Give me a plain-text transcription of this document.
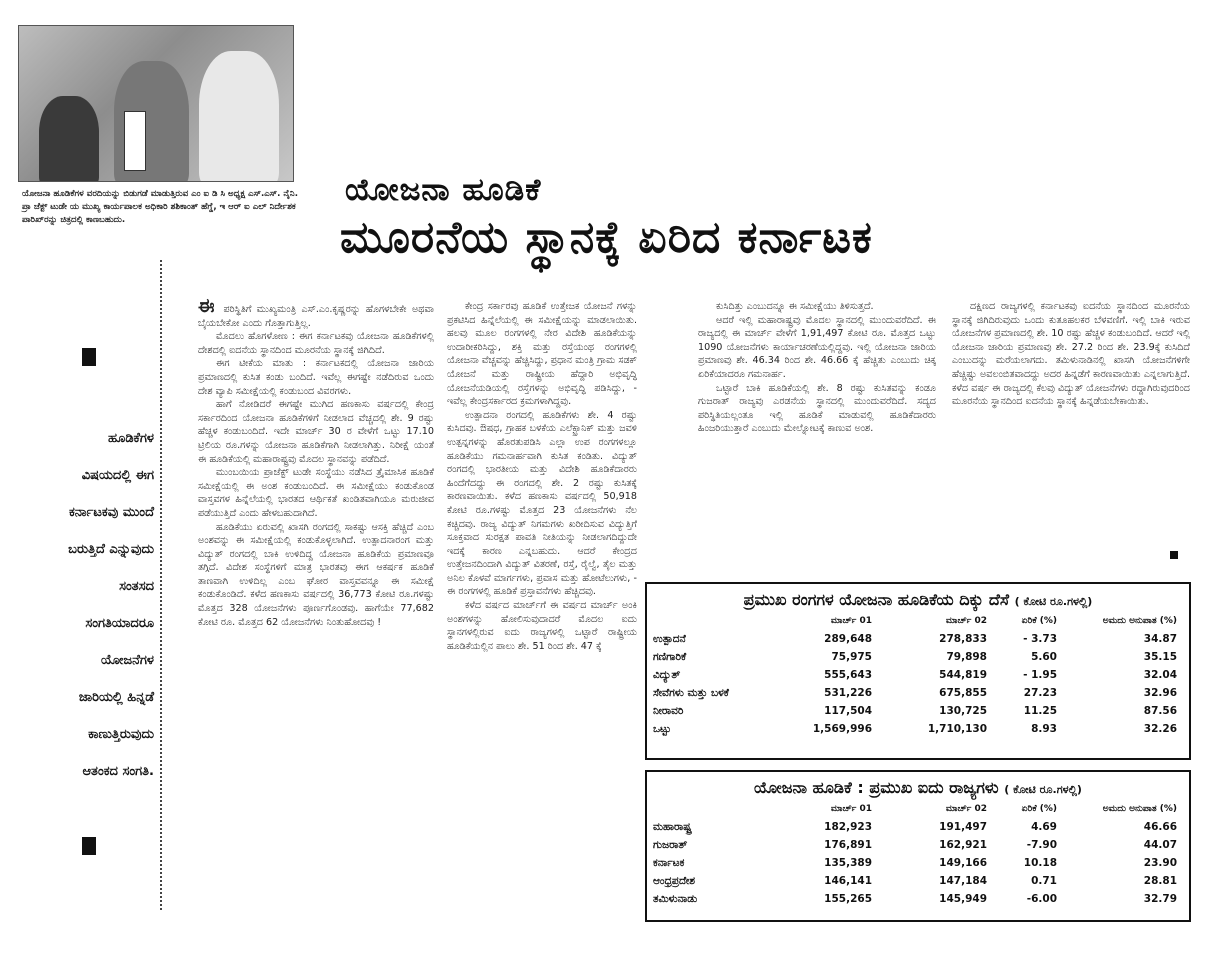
ಯೋಜನಾ ಹೂಡಿಕೆಗಳ ವರದಿಯನ್ನು ಬಿಡುಗಡೆ ಮಾಡುತ್ತಿರುವ ಎಂ ಐ ಡಿ ಸಿ ಅಧ್ಯಕ್ಷ ಎಸ್.ಎಸ್. ನೈನಿ. ಪ್ರಾ ಜೆಕ್ಟ್ ಟುಡೇ ಯ ಮುಖ್ಯ ಕಾರ್ಯಪಾಲಕ ಅಧಿಕಾರಿ ಶಶಿಕಾಂತ್ ಹೆಗ್ಡೆ, ಇ ಆರ್ ಐ ಎಲ್ ನಿರ್ದೇಶಕ ಪಾರಿಖ್‌ರನ್ನು ಚಿತ್ರದಲ್ಲಿ ಕಾಣಬಹುದು.
ಯೋಜನಾ ಹೂಡಿಕೆ
ಮೂರನೆಯ ಸ್ಥಾನಕ್ಕೆ ಏರಿದ ಕರ್ನಾಟಕ
ಹೂಡಿಕೆಗಳ
ವಿಷಯದಲ್ಲಿ ಈಗ
ಕರ್ನಾಟಕವು ಮುಂದೆ
ಬರುತ್ತಿದೆ ಎನ್ನುವುದು
ಸಂತಸದ
ಸಂಗತಿಯಾದರೂ
ಯೋಜನೆಗಳ
ಜಾರಿಯಲ್ಲಿ ಹಿನ್ನಡೆ
ಕಾಣುತ್ತಿರುವುದು
ಆತಂಕದ ಸಂಗತಿ.

ಈ ಪರಿಸ್ಥಿತಿಗೆ ಮುಖ್ಯಮಂತ್ರಿ ಎಸ್.ಎಂ.ಕೃಷ್ಣರನ್ನು ಹೊಗಳಬೇಕೇ ಅಥವಾ ಬೈಯಬೇಕೋ ಎಂದು ಗೊತ್ತಾಗುತ್ತಿಲ್ಲ.

ಮೊದಲು ಹೊಗಳೋಣ : ಈಗ ಕರ್ನಾಟಕವು ಯೋಜನಾ ಹೂಡಿಕೆಗಳಲ್ಲಿ ದೇಶದಲ್ಲಿ ಐದನೆಯ ಸ್ಥಾನದಿಂದ ಮೂರನೆಯ ಸ್ಥಾನಕ್ಕೆ ಜಿಗಿದಿದೆ.

ಈಗ ಟೀಕೆಯ ಮಾತು : ಕರ್ನಾಟಕದಲ್ಲಿ ಯೋಜನಾ ಜಾರಿಯ ಪ್ರಮಾಣದಲ್ಲಿ ಕುಸಿತ ಕಂಡು ಬಂದಿದೆ. ಇವೆಲ್ಲ ಈಗಷ್ಟೇ ನಡೆದಿರುವ ಒಂದು ದೇಶ ವ್ಯಾಪಿ ಸಮೀಕ್ಷೆಯಲ್ಲಿ ಕಂಡುಬಂದ ವಿವರಗಳು.

ಹಾಗೆ ನೋಡಿದರೆ ಈಗಷ್ಟೇ ಮುಗಿದ ಹಣಕಾಸು ವರ್ಷದಲ್ಲಿ ಕೇಂದ್ರ ಸರ್ಕಾರದಿಂದ ಯೋಜನಾ ಹೂಡಿಕೆಗಳಿಗೆ ನೀಡಲಾದ ವೆಚ್ಚದಲ್ಲಿ ಶೇ. 9 ರಷ್ಟು ಹೆಚ್ಚಳ ಕಂಡುಬಂದಿದೆ. ಇದೇ ಮಾರ್ಚ್ 30 ರ ವೇಳೆಗೆ ಒಟ್ಟು 17.10 ಟ್ರಿಲಿಯ ರೂ.ಗಳನ್ನು ಯೋಜನಾ ಹೂಡಿಕೆಗಾಗಿ ನೀಡಲಾಗಿತ್ತು. ನಿರೀಕ್ಷೆ ಯಂತೆ ಈ ಹೂಡಿಕೆಯಲ್ಲಿ ಮಹಾರಾಷ್ಟ್ರವು ಮೊದಲ ಸ್ಥಾನವನ್ನು ಪಡೆದಿದೆ.

ಮುಂಬಯಿಯ ಪ್ರಾಜೆಕ್ಟ್ ಟುಡೇ ಸಂಸ್ಥೆಯು ನಡೆಸಿದ ತ್ರೈಮಾಸಿಕ ಹೂಡಿಕೆ ಸಮೀಕ್ಷೆಯಲ್ಲಿ ಈ ಅಂಶ ಕಂಡುಬಂದಿದೆ. ಈ ಸಮೀಕ್ಷೆಯು ಕಂಡುಕೊಂಡ ವಾಸ್ತವಗಳ ಹಿನ್ನೆಲೆಯಲ್ಲಿ ಭಾರತದ ಆರ್ಥಿಕತೆ ಖಂಡಿತವಾಗಿಯೂ ಮರುಜೀವ ಪಡೆಯುತ್ತಿದೆ ಎಂದು ಹೇಳಬಹುದಾಗಿದೆ.

ಹೂಡಿಕೆಯು ಏರುವಲ್ಲಿ ಖಾಸಗಿ ರಂಗದಲ್ಲಿ ಸಾಕಷ್ಟು ಆಸಕ್ತಿ ಹೆಚ್ಚಿದೆ ಎಂಬ ಅಂಶವನ್ನು ಈ ಸಮೀಕ್ಷೆಯಲ್ಲಿ ಕಂಡುಕೊಳ್ಳಲಾಗಿದೆ. ಉತ್ಪಾದನಾರಂಗ ಮತ್ತು ವಿದ್ಯುತ್ ರಂಗದಲ್ಲಿ ಬಾಕಿ ಉಳಿದಿದ್ದ ಯೋಜನಾ ಹೂಡಿಕೆಯ ಪ್ರಮಾಣವೂ ತಗ್ಗಿದೆ. ವಿದೇಶ ಸಂಸ್ಥೆಗಳಿಗೆ ಮಾತ್ರ ಭಾರತವು ಈಗ ಆಕರ್ಷಕ ಹೂಡಿಕೆ ತಾಣವಾಗಿ ಉಳಿದಿಲ್ಲ ಎಂಬ ಘೋರ ವಾಸ್ತವವನ್ನೂ ಈ ಸಮೀಕ್ಷೆ ಕಂಡುಕೊಂಡಿದೆ. ಕಳೆದ ಹಣಕಾಸು ವರ್ಷದಲ್ಲಿ 36,773 ಕೋಟಿ ರೂ.ಗಳಷ್ಟು ಮೊತ್ತದ 328 ಯೋಜನೆಗಳು ಪೂರ್ಣಗೊಂಡವು. ಹಾಗೆಯೇ 77,682 ಕೋಟಿ ರೂ. ಮೊತ್ತದ 62 ಯೋಜನೆಗಳು ನಿಂತುಹೋದವು !

ಕೇಂದ್ರ ಸರ್ಕಾರವು ಹೂಡಿಕೆ ಉತ್ತೇಜಕ ಯೋಜನೆ ಗಳನ್ನು ಪ್ರಕಟಿಸಿದ ಹಿನ್ನೆಲೆಯಲ್ಲಿ ಈ ಸಮೀಕ್ಷೆಯನ್ನು ಮಾಡಲಾಯಿತು. ಹಲವು ಮೂಲ ರಂಗಗಳಲ್ಲಿ ನೇರ ವಿದೇಶಿ ಹೂಡಿಕೆಯನ್ನು ಉದಾರೀಕರಿಸಿದ್ದು, ಶಕ್ತಿ ಮತ್ತು ರಸ್ತೆಯಂಥ ರಂಗಗಳಲ್ಲಿ ಯೋಜನಾ ವೆಚ್ಚವನ್ನು ಹೆಚ್ಚಿಸಿದ್ದು, ಪ್ರಧಾನ ಮಂತ್ರಿ ಗ್ರಾಮ ಸಡಕ್ ಯೋಜನೆ ಮತ್ತು ರಾಷ್ಟ್ರೀಯ ಹೆದ್ದಾರಿ ಅಭಿವೃದ್ಧಿ ಯೋಜನೆಯಡಿಯಲ್ಲಿ ರಸ್ತೆಗಳನ್ನು ಅಭಿವೃದ್ಧಿ ಪಡಿಸಿದ್ದು, - ಇವೆಲ್ಲ ಕೇಂದ್ರಸರ್ಕಾರದ ಕ್ರಮಗಳಾಗಿದ್ದವು.

ಉತ್ಪಾದನಾ ರಂಗದಲ್ಲಿ ಹೂಡಿಕೆಗಳು ಶೇ. 4 ರಷ್ಟು ಕುಸಿದವು. ಔಷಧ, ಗ್ರಾಹಕ ಬಳಕೆಯ ಎಲೆಕ್ಟ್ರಾನಿಕ್ ಮತ್ತು ಜವಳಿ ಉತ್ಪನ್ನಗಳನ್ನು ಹೊರತುಪಡಿಸಿ ಎಲ್ಲಾ ಉಪ ರಂಗಗಳಲ್ಲೂ ಹೂಡಿಕೆಯು ಗಮನಾರ್ಹವಾಗಿ ಕುಸಿತ ಕಂಡಿತು. ವಿದ್ಯುತ್ ರಂಗದಲ್ಲಿ ಭಾರತೀಯ ಮತ್ತು ವಿದೇಶಿ ಹೂಡಿಕೆದಾರರು ಹಿಂದೆಗೆದದ್ದು ಈ ರಂಗದಲ್ಲಿ ಶೇ. 2 ರಷ್ಟು ಕುಸಿತಕ್ಕೆ ಕಾರಣವಾಯಿತು. ಕಳೆದ ಹಣಕಾಸು ವರ್ಷದಲ್ಲಿ 50,918 ಕೋಟಿ ರೂ.ಗಳಷ್ಟು ಮೊತ್ತದ 23 ಯೋಜನೆಗಳು ನೆಲ ಕಚ್ಚಿದವು. ರಾಜ್ಯ ವಿದ್ಯುತ್ ನಿಗಮಗಳು ಖರೀದಿಸುವ ವಿದ್ಯುತ್ತಿಗೆ ಸೂಕ್ತವಾದ ಸುರಕ್ಷತ ಪಾವತಿ ನೀತಿಯನ್ನು ನೀಡಲಾಗದಿದ್ದುದೇ ಇದಕ್ಕೆ ಕಾರಣ ಎನ್ನಬಹುದು. ಆದರೆ ಕೇಂದ್ರದ ಉತ್ತೇಜನದಿಂದಾಗಿ ವಿದ್ಯುತ್ ವಿತರಣೆ, ರಸ್ತೆ, ರೈಲ್ವೆ, ತೈಲ ಮತ್ತು ಅನಿಲ ಕೊಳವೆ ಮಾರ್ಗಗಳು, ಪ್ರವಾಸ ಮತ್ತು ಹೋಟೆಲುಗಳು, - ಈ ರಂಗಗಳಲ್ಲಿ ಹೂಡಿಕೆ ಪ್ರಸ್ತಾವನೆಗಳು ಹೆಚ್ಚಿದವು.

ಕಳೆದ ವರ್ಷದ ಮಾರ್ಚ್‌ಗೆ ಈ ವರ್ಷದ ಮಾರ್ಚ್ ಅಂಕಿ ಅಂಶಗಳನ್ನು ಹೋಲಿಸುವುದಾದರೆ ಮೊದಲ ಐದು ಸ್ಥಾನಗಳಲ್ಲಿರುವ ಐದು ರಾಜ್ಯಗಳಲ್ಲಿ ಒಟ್ಟಾರೆ ರಾಷ್ಟ್ರೀಯ ಹೂಡಿಕೆಯಲ್ಲಿನ ಪಾಲು ಶೇ. 51 ರಿಂದ ಶೇ. 47 ಕ್ಕೆ

ಕುಸಿದಿತ್ತು ಎಂಬುದನ್ನೂ ಈ ಸಮೀಕ್ಷೆಯು ತಿಳಿಸುತ್ತದೆ.

ಆದರೆ ಇಲ್ಲಿ ಮಹಾರಾಷ್ಟ್ರವು ಮೊದಲ ಸ್ಥಾನದಲ್ಲಿ ಮುಂದುವರೆದಿದೆ. ಈ ರಾಜ್ಯದಲ್ಲಿ ಈ ಮಾರ್ಚ್ ವೇಳೆಗೆ 1,91,497 ಕೋಟಿ ರೂ. ಮೊತ್ತದ ಒಟ್ಟು 1090 ಯೋಜನೆಗಳು ಕಾರ್ಯಾಚರಣೆಯಲ್ಲಿದ್ದವು. ಇಲ್ಲಿ ಯೋಜನಾ ಜಾರಿಯ ಪ್ರಮಾಣವು ಶೇ. 46.34 ರಿಂದ ಶೇ. 46.66 ಕ್ಕೆ ಹೆಚ್ಚಿತು ಎಂಬುದು ಚಿಕ್ಕ ಏರಿಕೆಯಾದರೂ ಗಮನಾರ್ಹ.

ಒಟ್ಟಾರೆ ಬಾಕಿ ಹೂಡಿಕೆಯಲ್ಲಿ ಶೇ. 8 ರಷ್ಟು ಕುಸಿತವನ್ನು ಕಂಡೂ ಗುಜರಾತ್ ರಾಜ್ಯವು ಎರಡನೆಯ ಸ್ಥಾನದಲ್ಲಿ ಮುಂದುವರೆದಿದೆ. ಸದ್ಯದ ಪರಿಸ್ಥಿತಿಯಲ್ಲಂತೂ ಇಲ್ಲಿ ಹೂಡಿಕೆ ಮಾಡುವಲ್ಲಿ ಹೂಡಿಕೆದಾರರು ಹಿಂಜರಿಯುತ್ತಾರೆ ಎಂಬುದು ಮೇಲ್ನೋಟಕ್ಕೆ ಕಾಣುವ ಅಂಶ.

ದಕ್ಷಿಣದ ರಾಜ್ಯಗಳಲ್ಲಿ ಕರ್ನಾಟಕವು ಐದನೆಯ ಸ್ಥಾನದಿಂದ ಮೂರನೆಯ ಸ್ಥಾನಕ್ಕೆ ಜಿಗಿದಿರುವುದು ಒಂದು ಕುತೂಹಲಕರ ಬೆಳವಣಿಗೆ. ಇಲ್ಲಿ ಬಾಕಿ ಇರುವ ಯೋಜನೆಗಳ ಪ್ರಮಾಣದಲ್ಲಿ ಶೇ. 10 ರಷ್ಟು ಹೆಚ್ಚಳ ಕಂಡುಬಂದಿದೆ. ಆದರೆ ಇಲ್ಲಿ ಯೋಜನಾ ಜಾರಿಯ ಪ್ರಮಾಣವು ಶೇ. 27.2 ರಿಂದ ಶೇ. 23.9ಕ್ಕೆ ಕುಸಿದಿದೆ ಎಂಬುದನ್ನು ಮರೆಯಲಾಗದು. ತಮಿಳುನಾಡಿನಲ್ಲಿ ಖಾಸಗಿ ಯೋಜನೆಗಳಿಗೇ ಹೆಚ್ಚಿಷ್ಟು ಅವಲಂಬಿತವಾದದ್ದು ಅದರ ಹಿನ್ನಡೆಗೆ ಕಾರಣವಾಯಿತು ಎನ್ನಲಾಗುತ್ತಿದೆ. ಕಳೆದ ವರ್ಷ ಈ ರಾಜ್ಯದಲ್ಲಿ ಕೆಲವು ವಿದ್ಯುತ್ ಯೋಜನೆಗಳು ರದ್ದಾಗಿರುವುದರಿಂದ ಮೂರನೆಯ ಸ್ಥಾನದಿಂದ ಐದನೆಯ ಸ್ಥಾನಕ್ಕೆ ಹಿನ್ನಡೆಯಬೇಕಾಯಿತು.

ಪ್ರಮುಖ ರಂಗಗಳ ಯೋಜನಾ ಹೂಡಿಕೆಯ ದಿಕ್ಕು ದೆಸೆ ( ಕೋಟಿ ರೂ.ಗಳಲ್ಲಿ)
ಮಾರ್ಚ್ 01	ಮಾರ್ಚ್ 02	ಏರಿಕೆ (%)	ಅಮದು ಅನುಪಾತ (%)
ಉತ್ಪಾದನೆ	289,648	278,833	- 3.73	34.87
ಗಣಿಗಾರಿಕೆ	75,975	79,898	5.60	35.15
ವಿದ್ಯುತ್	555,643	544,819	- 1.95	32.04
ಸೇವೆಗಳು ಮತ್ತು ಬಳಕೆ	531,226	675,855	27.23	32.96
ನೀರಾವರಿ	117,504	130,725	11.25	87.56
ಒಟ್ಟು	1,569,996	1,710,130	8.93	32.26
ಯೋಜನಾ ಹೂಡಿಕೆ : ಪ್ರಮುಖ ಐದು ರಾಜ್ಯಗಳು ( ಕೋಟಿ ರೂ.ಗಳಲ್ಲಿ)
ಮಾರ್ಚ್ 01	ಮಾರ್ಚ್ 02	ಏರಿಕೆ (%)	ಅಮದು ಅನುಪಾತ (%)
ಮಹಾರಾಷ್ಟ್ರ	182,923	191,497	4.69	46.66
ಗುಜರಾತ್	176,891	162,921	-7.90	44.07
ಕರ್ನಾಟಕ	135,389	149,166	10.18	23.90
ಆಂಧ್ರಪ್ರದೇಶ	146,141	147,184	0.71	28.81
ತಮಿಳುನಾಡು	155,265	145,949	-6.00	32.79
